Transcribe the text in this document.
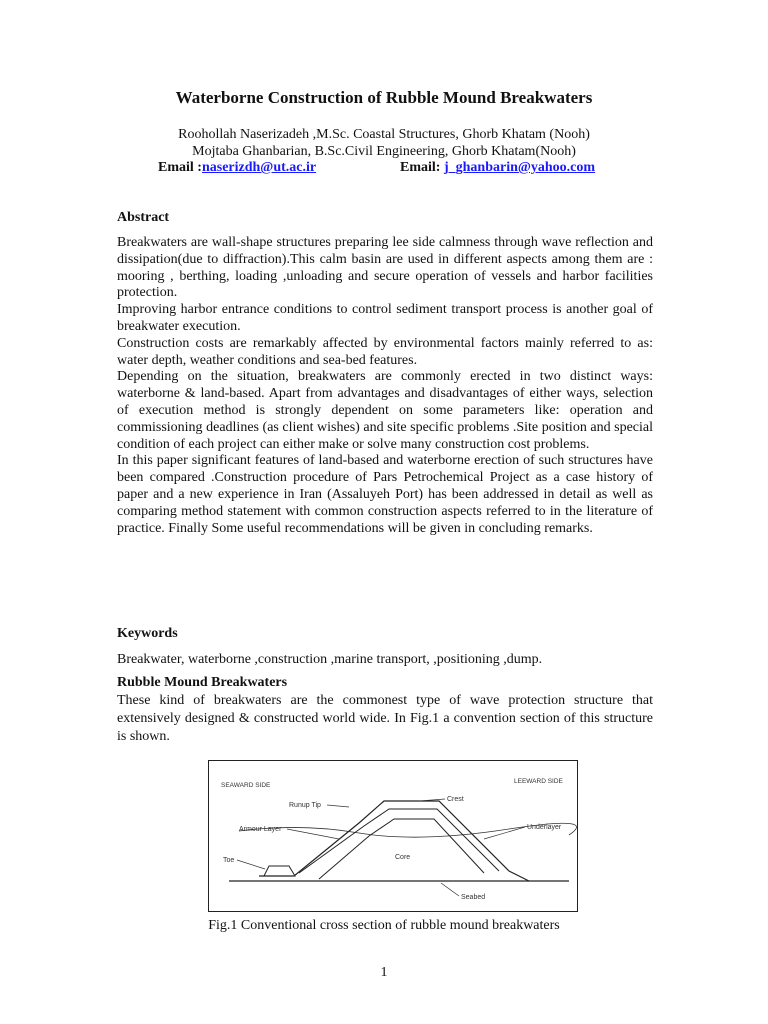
Waterborne Construction of Rubble Mound Breakwaters
Roohollah Naserizadeh ,M.Sc. Coastal Structures, Ghorb Khatam (Nooh)
Mojtaba Ghanbarian, B.Sc.Civil Engineering, Ghorb Khatam(Nooh)
Email :naserizdh@ut.ac.ir	Email: j_ghanbarin@yahoo.com
Abstract

Breakwaters are wall-shape structures preparing lee side calmness through wave reflection and dissipation(due to diffraction).This calm basin are used in different aspects among them are : mooring , berthing, loading ,unloading and secure operation of vessels and harbor facilities protection.

Improving harbor entrance conditions to control sediment transport process is another goal of breakwater execution.

Construction costs are remarkably affected by environmental factors mainly referred to as: water depth, weather conditions and sea-bed features.

Depending on the situation, breakwaters are commonly erected in two distinct ways: waterborne & land-based. Apart from advantages and disadvantages of either ways, selection of execution method is strongly dependent on some parameters like: operation and commissioning deadlines (as client wishes) and site specific problems .Site position and special condition of each project can either make or solve many construction cost problems.

In this paper significant features of land-based and waterborne erection of such structures have been compared .Construction procedure of Pars Petrochemical Project as a case history of paper and a new experience in Iran (Assaluyeh Port) has been addressed in detail as well as comparing method statement with common construction aspects referred to in the literature of practice. Finally Some useful recommendations will be given in concluding remarks.

Keywords
Breakwater, waterborne ,construction ,marine transport, ,positioning ,dump.
Rubble Mound Breakwaters
These kind of breakwaters are the commonest type of wave protection structure that extensively designed & constructed world wide. In Fig.1 a convention section of this structure is shown.
SEAWARD SIDE
LEEWARD SIDE
Runup Tip
Crest
Armour Layer	Underlayer
Core
Toe
Seabed
Fig.1 Conventional cross section of rubble mound breakwaters
1
